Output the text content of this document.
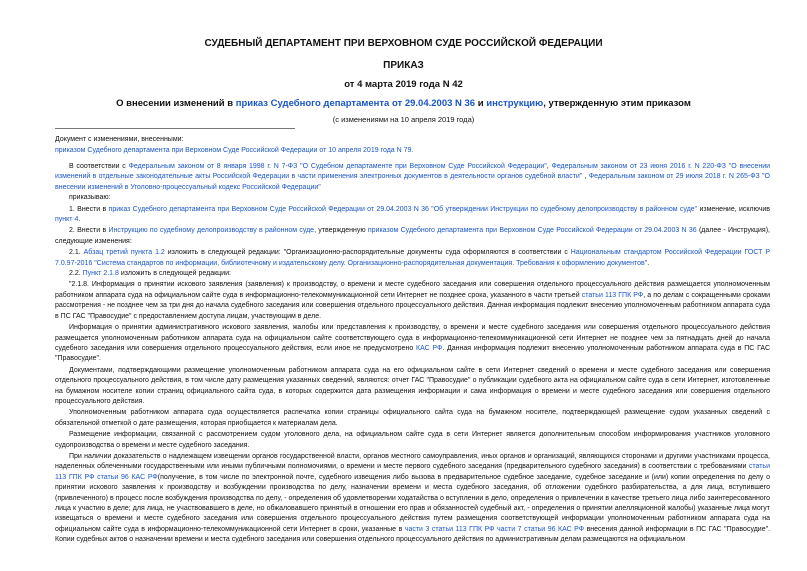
СУДЕБНЫЙ ДЕПАРТАМЕНТ ПРИ ВЕРХОВНОМ СУДЕ РОССИЙСКОЙ ФЕДЕРАЦИИ
ПРИКАЗ
от 4 марта 2019 года N 42
О внесении изменений в приказ Судебного департамента от 29.04.2003 N 36 и инструкцию, утвержденную этим приказом
(с изменениями на 10 апреля 2019 года)
Документ с изменениями, внесенными:
приказом Судебного департамента при Верховном Суде Российской Федерации от 10 апреля 2019 года N 79.

В соответствии с Федеральным законом от 8 января 1998 г. N 7-ФЗ "О Судебном департаменте при Верховном Суде Российской Федерации", Федеральным законом от 23 июня 2016 г. N 220-ФЗ "О внесении изменений в отдельные законодательные акты Российской Федерации в части применения электронных документов в деятельности органов судебной власти" , Федеральным законом от 29 июля 2018 г. N 265-ФЗ "О внесении изменений в Уголовно-процессуальный кодекс Российской Федерации"

приказываю:

1. Внести в приказ Судебного департамента при Верховном Суде Российской Федерации от 29.04.2003 N 36 "Об утверждении Инструкции по судебному делопроизводству в районном суде" изменение, исключив пункт 4.

2. Внести в Инструкцию по судебному делопроизводству в районном суде, утвержденную приказом Судебного департамента при Верховном Суде Российской Федерации от 29.04.2003 N 36 (далее - Инструкция), следующие изменения:

2.1. Абзац третий пункта 1.2 изложить в следующей редакции: "Организационно-распорядительные документы суда оформляются в соответствии с Национальным стандартом Российской Федерации ГОСТ Р 7.0.97-2016 "Система стандартов по информации, библиотечному и издательскому делу. Организационно-распорядительная документация. Требования к оформлению документов".

2.2. Пункт 2.1.8 изложить в следующей редакции:

"2.1.8. Информация о принятии искового заявления (заявления) к производству, о времени и месте судебного заседания или совершения отдельного процессуального действия размещается уполномоченным работником аппарата суда на официальном сайте суда в информационно-телекоммуникационной сети Интернет не позднее срока, указанного в части третьей статьи 113 ГПК РФ, а по делам с сокращенными сроками рассмотрения - не позднее чем за три дня до начала судебного заседания или совершения отдельного процессуального действия. Данная информация подлежит внесению уполномоченным работником аппарата суда в ПС ГАС "Правосудие" с предоставлением доступа лицам, участвующим в деле.

Информация о принятии административного искового заявления, жалобы или представления к производству, о времени и месте судебного заседания или совершения отдельного процессуального действия размещается уполномоченным работником аппарата суда на официальном сайте соответствующего суда в информационно-телекоммуникационной сети Интернет не позднее чем за пятнадцать дней до начала судебного заседания или совершения отдельного процессуального действия, если иное не предусмотрено КАС РФ. Данная информация подлежит внесению уполномоченным работником аппарата суда в ПС ГАС "Правосудие".

Документами, подтверждающими размещение уполномоченным работником аппарата суда на его официальном сайте в сети Интернет сведений о времени и месте судебного заседания или совершения отдельного процессуального действия, в том числе дату размещения указанных сведений, являются: отчет ГАС "Правосудие" о публикации судебного акта на официальном сайте суда в сети Интернет, изготовленные на бумажном носителе копии страниц официального сайта суда, в которых содержится дата размещения информации и сама информация о времени и месте судебного заседания или совершения отдельного процессуального действия.

Уполномоченным работником аппарата суда осуществляется распечатка копии страницы официального сайта суда на бумажном носителе, подтверждающей размещение судом указанных сведений с обязательной отметкой о дате размещения, которая приобщается к материалам дела.

Размещение информации, связанной с рассмотрением судом уголовного дела, на официальном сайте суда в сети Интернет является дополнительным способом информирования участников уголовного судопроизводства о времени и месте судебного заседания.

При наличии доказательств о надлежащем извещении органов государственной власти, органов местного самоуправления, иных органов и организаций, являющихся сторонами и другими участниками процесса, наделенных облеченными государственными или иными публичными полномочиями, о времени и месте первого судебного заседания (предварительного судебного заседания) в соответствии с требованиями статьи 113 ГПК РФ статьи 96 КАС РФ(получение, в том числе по электронной почте, судебного извещения либо вызова в предварительное судебное заседание, судебное заседание и (или) копии определения по делу о принятии искового заявления к производству и возбуждении производства по делу, назначении времени и места судебного заседания, об отложении судебного разбирательства, а для лица, вступившего (привлеченного) в процесс после возбуждения производства по делу, - определения об удовлетворении ходатайства о вступлении в дело, определения о привлечении в качестве третьего лица либо заинтересованного лица к участию в деле; для лица, не участвовавшего в деле, но обжаловавшего принятый в отношении его прав и обязанностей судебный акт, - определения о принятии апелляционной жалобы) указанные лица могут извещаться о времени и месте судебного заседания или совершения отдельного процессуального действия путем размещения соответствующей информации уполномоченным работником аппарата суда на официальном сайте суда в информационно-телекоммуникационной сети Интернет в сроки, указанные в части 3 статьи 113 ГПК РФ части 7 статьи 96 КАС РФ внесения данной информации в ПС ГАС "Правосудие". Копии судебных актов о назначении времени и места судебного заседания или совершения отдельного процессуального действия по административным делам размещаются на официальном
